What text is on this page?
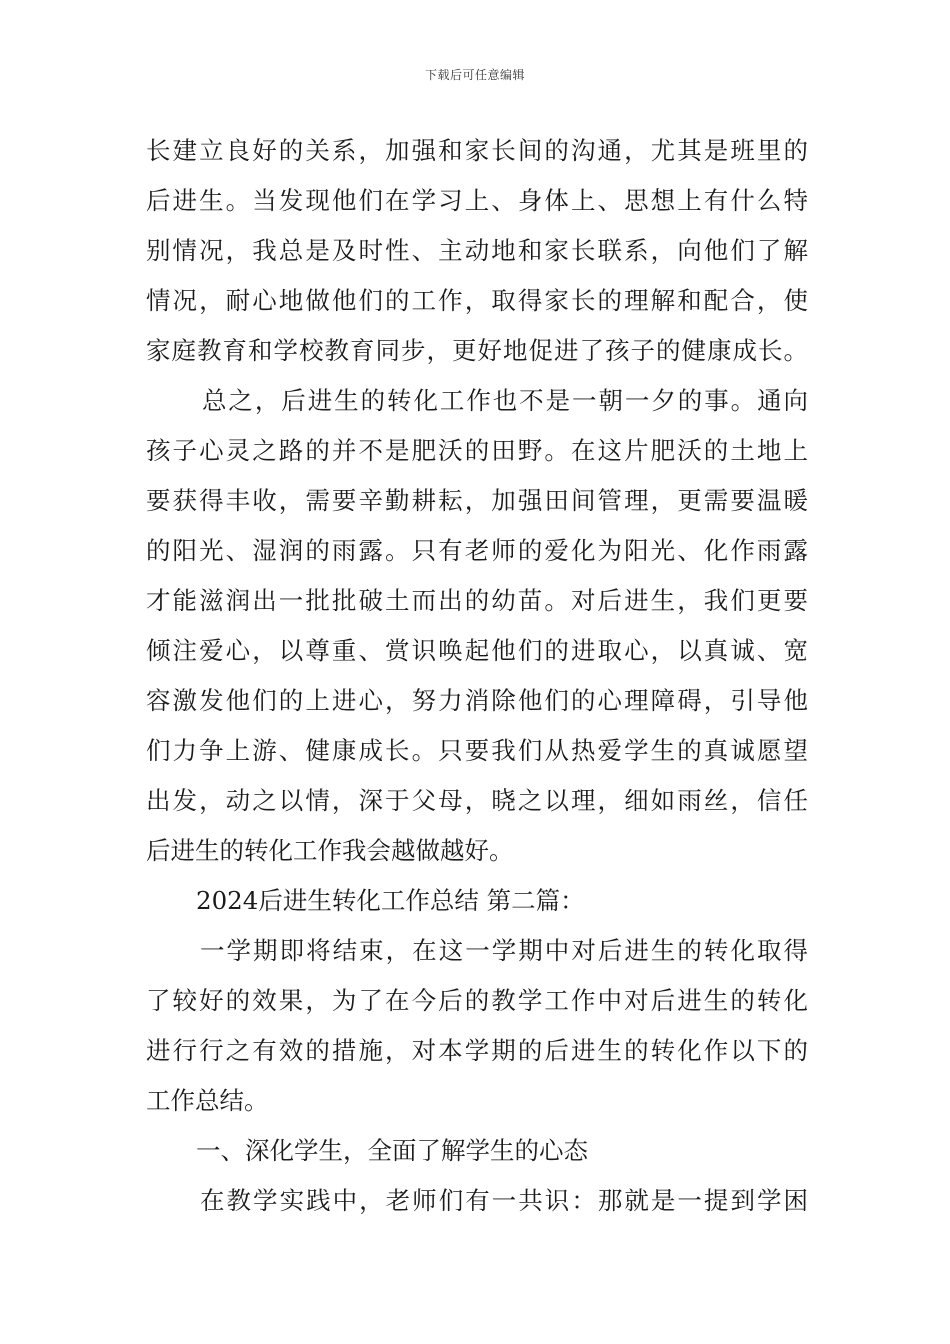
下载后可任意编辑
长建立良好的关系，加强和家长间的沟通，尤其是班里的
后进生。当发现他们在学习上、身体上、思想上有什么特
别情况，我总是及时性、主动地和家长联系，向他们了解
情况，耐心地做他们的工作，取得家长的理解和配合，使
家庭教育和学校教育同步，更好地促进了孩子的健康成长。
总之，后进生的转化工作也不是一朝一夕的事。通向
孩子心灵之路的并不是肥沃的田野。在这片肥沃的土地上
要获得丰收，需要辛勤耕耘，加强田间管理，更需要温暖
的阳光、湿润的雨露。只有老师的爱化为阳光、化作雨露
才能滋润出一批批破土而出的幼苗。对后进生，我们更要
倾注爱心，以尊重、赏识唤起他们的进取心，以真诚、宽
容激发他们的上进心，努力消除他们的心理障碍，引导他
们力争上游、健康成长。只要我们从热爱学生的真诚愿望
出发，动之以情，深于父母，晓之以理，细如雨丝，信任
后进生的转化工作我会越做越好。
2024后进生转化工作总结 第二篇：
一学期即将结束，在这一学期中对后进生的转化取得
了较好的效果，为了在今后的教学工作中对后进生的转化
进行行之有效的措施，对本学期的后进生的转化作以下的
工作总结。
一、深化学生，全面了解学生的心态
在教学实践中，老师们有一共识：那就是一提到学困
